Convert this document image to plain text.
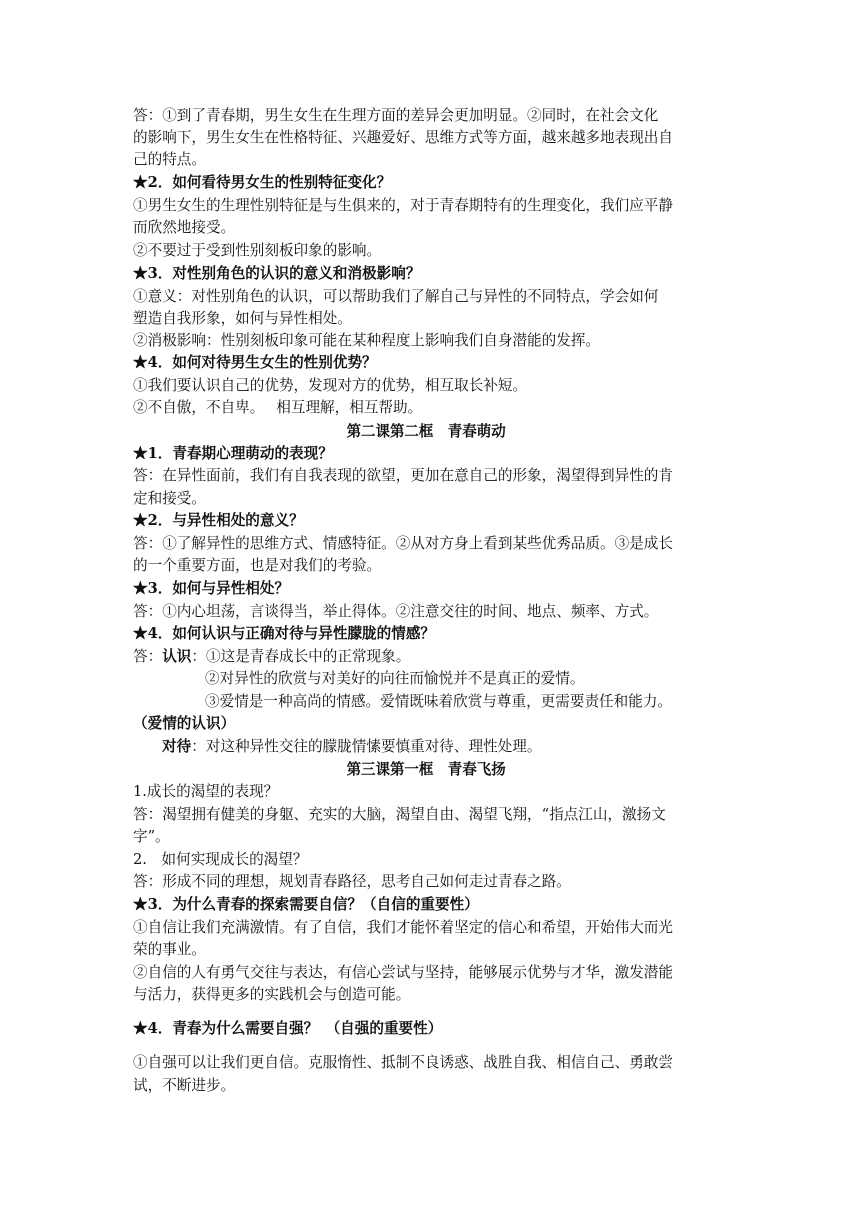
答：①到了青春期，男生女生在生理方面的差异会更加明显。②同时，在社会文化
的影响下，男生女生在性格特征、兴趣爱好、思维方式等方面，越来越多地表现出自
己的特点。
★2．如何看待男女生的性别特征变化？
①男生女生的生理性别特征是与生俱来的，对于青春期特有的生理变化，我们应平静
而欣然地接受。
②不要过于受到性别刻板印象的影响。
★3．对性别角色的认识的意义和消极影响？
①意义：对性别角色的认识，可以帮助我们了解自己与异性的不同特点，学会如何
塑造自我形象，如何与异性相处。
②消极影响：性别刻板印象可能在某种程度上影响我们自身潜能的发挥。
★4．如何对待男生女生的性别优势？
①我们要认识自己的优势，发现对方的优势，相互取长补短。
②不自傲，不自卑。　 相互理解，相互帮助。
第二课第二框　青春萌动
★1．青春期心理萌动的表现？
答：在异性面前，我们有自我表现的欲望，更加在意自己的形象，渴望得到异性的肯
定和接受。
★2．与异性相处的意义？
答：①了解异性的思维方式、情感特征。②从对方身上看到某些优秀品质。③是成长
的一个重要方面，也是对我们的考验。
★3．如何与异性相处？
答：①内心坦荡，言谈得当，举止得体。②注意交往的时间、地点、频率、方式。
★4．如何认识与正确对待与异性朦胧的情感？
答：认识：①这是青春成长中的正常现象。
②对异性的欣赏与对美好的向往而愉悦并不是真正的爱情。
③爱情是一种高尚的情感。爱情既味着欣赏与尊重，更需要责任和能力。
（爱情的认识）
对待：对这种异性交往的朦胧情愫要慎重对待、理性处理。
第三课第一框　青春飞扬
1.成长的渴望的表现？
答：渴望拥有健美的身躯、充实的大脑，渴望自由、渴望飞翔，“指点江山，激扬文
字”。
2.　如何实现成长的渴望？
答：形成不同的理想，规划青春路径，思考自己如何走过青春之路。
★3．为什么青春的探索需要自信？（自信的重要性）
①自信让我们充满激情。有了自信，我们才能怀着坚定的信心和希望，开始伟大而光
荣的事业。
②自信的人有勇气交往与表达，有信心尝试与坚持，能够展示优势与才华，激发潜能
与活力，获得更多的实践机会与创造可能。
★4．青春为什么需要自强？　（自强的重要性）
①自强可以让我们更自信。克服惰性、抵制不良诱惑、战胜自我、相信自己、勇敢尝
试，不断进步。
